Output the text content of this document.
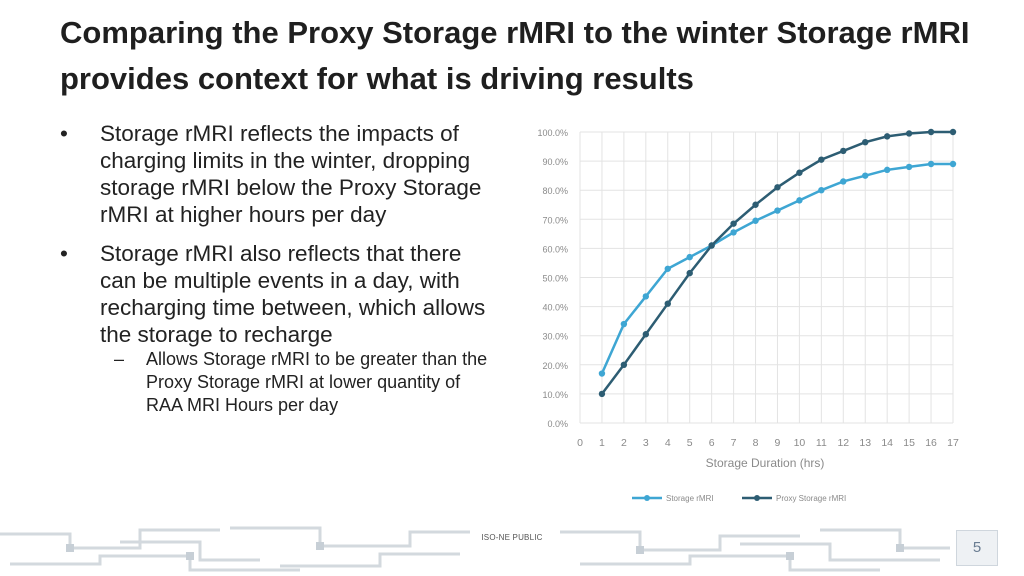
Comparing the Proxy Storage rMRI to the winter Storage rMRI provides context for what is driving results
• Storage rMRI reflects the impacts of charging limits in the winter, dropping storage rMRI below the Proxy Storage rMRI at higher hours per day
• Storage rMRI also reflects that there can be multiple events in a day, with recharging time between, which allows the storage to recharge
– Allows Storage rMRI to be greater than the Proxy Storage rMRI at lower quantity of RAA MRI Hours per day
0.0%
10.0%
20.0%
30.0%
40.0%
50.0%
60.0%
70.0%
80.0%
90.0%
100.0%
0 1 2 3 4 5 6 7 8 9 10 11 12 13 14 15 16 17
Storage Duration (hrs)
Storage rMRI	Proxy Storage rMRI
ISO-NE PUBLIC
5
